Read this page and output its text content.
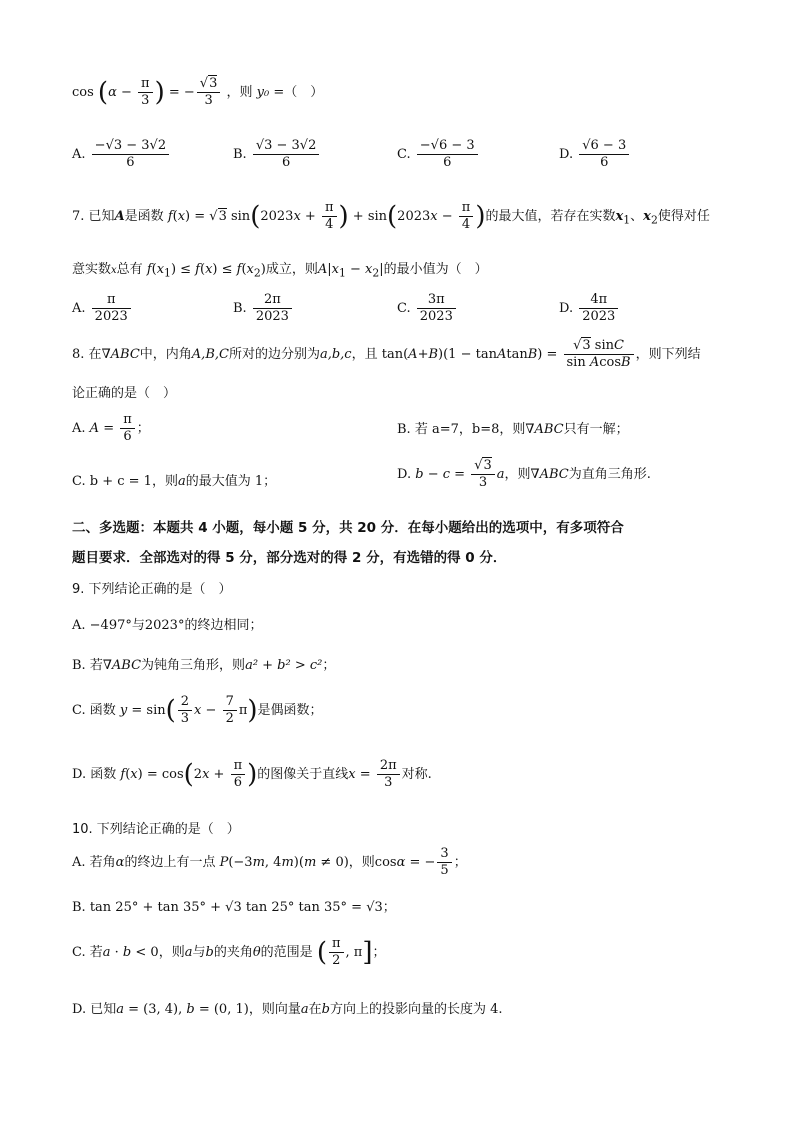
$\cos (\alpha - \frac{\pi}{3}$ ) = − $\frac{√3}{3}$ ，则 y₀ =（　）
A. $\frac{-√3 - 3√2}{6}$	B. $\frac{√3 - 3√2}{6}$	C. $\frac{-√6 - 3}{6}$	D. $\frac{√6 - 3}{6}$
7. 已知A是函数 f(x) = √3 $\sin(2023x + \frac{\pi}{4}$ ) + $\sin(2023x - \frac{\pi}{4}$ )的最大值，若存在实数$x_1$、$x_2$使得对任
意实数x总有 $f(x_1) \le f(x) \le f(x_2)$成立，则$A|x_1 - x_2|$的最小值为（　）
A. $\frac{\pi}{2023}$	B. $\frac{2\pi}{2023}$	C. $\frac{3\pi}{2023}$	D. $\frac{4\pi}{2023}$
8. 在∇ABC中，内角A,B,C所对的边分别为a,b,c，且 tan(A+B)(1 − tanAtanB) = $\frac{√3 \sin C}{\text{sin AcosB}}$ ，则下列结
论正确的是（　）
A. $A = \frac{\pi}{6}$ ；	B. 若 a=7，b=8，则∇ABC只有一解；
C. b + c = 1，则a的最大值为 1；	D. $b - c = \frac{√3}{3}$ a，则∇ABC为直角三角形.
二、多选题：本题共 4 小题，每小题 5 分，共 20 分．在每小题给出的选项中，有多项符合
题目要求．全部选对的得 5 分，部分选对的得 2 分，有选错的得 0 分．
9. 下列结论正确的是（　）
A. −497°与2023°的终边相同；
B. 若∇ABC为钝角三角形，则a² + b² > c²；
C. 函数 $y = \sin( \frac{2}{3}$ $x - \frac{7}{2} \pi$)是偶函数；
D. 函数 $f(x) = \cos(2x + \frac{\pi}{6}$ )的图像关于直线$x = \frac{2\pi}{3}$ 对称.
10. 下列结论正确的是（　）
A. 若角α的终边上有一点 P(−3m, 4m)(m ≠ 0)，则cosα = − $\frac{3}{5}$ ；
B. tan 25° + tan 35° + √3 tan 25° tan 35° = √3；
C. 若a · b < 0，则a与b的夹角θ的范围是 ( $\frac{\pi}{2}$ , π]；
D. 已知a = (3, 4), b = (0, 1)，则向量a在b方向上的投影向量的长度为 4.
